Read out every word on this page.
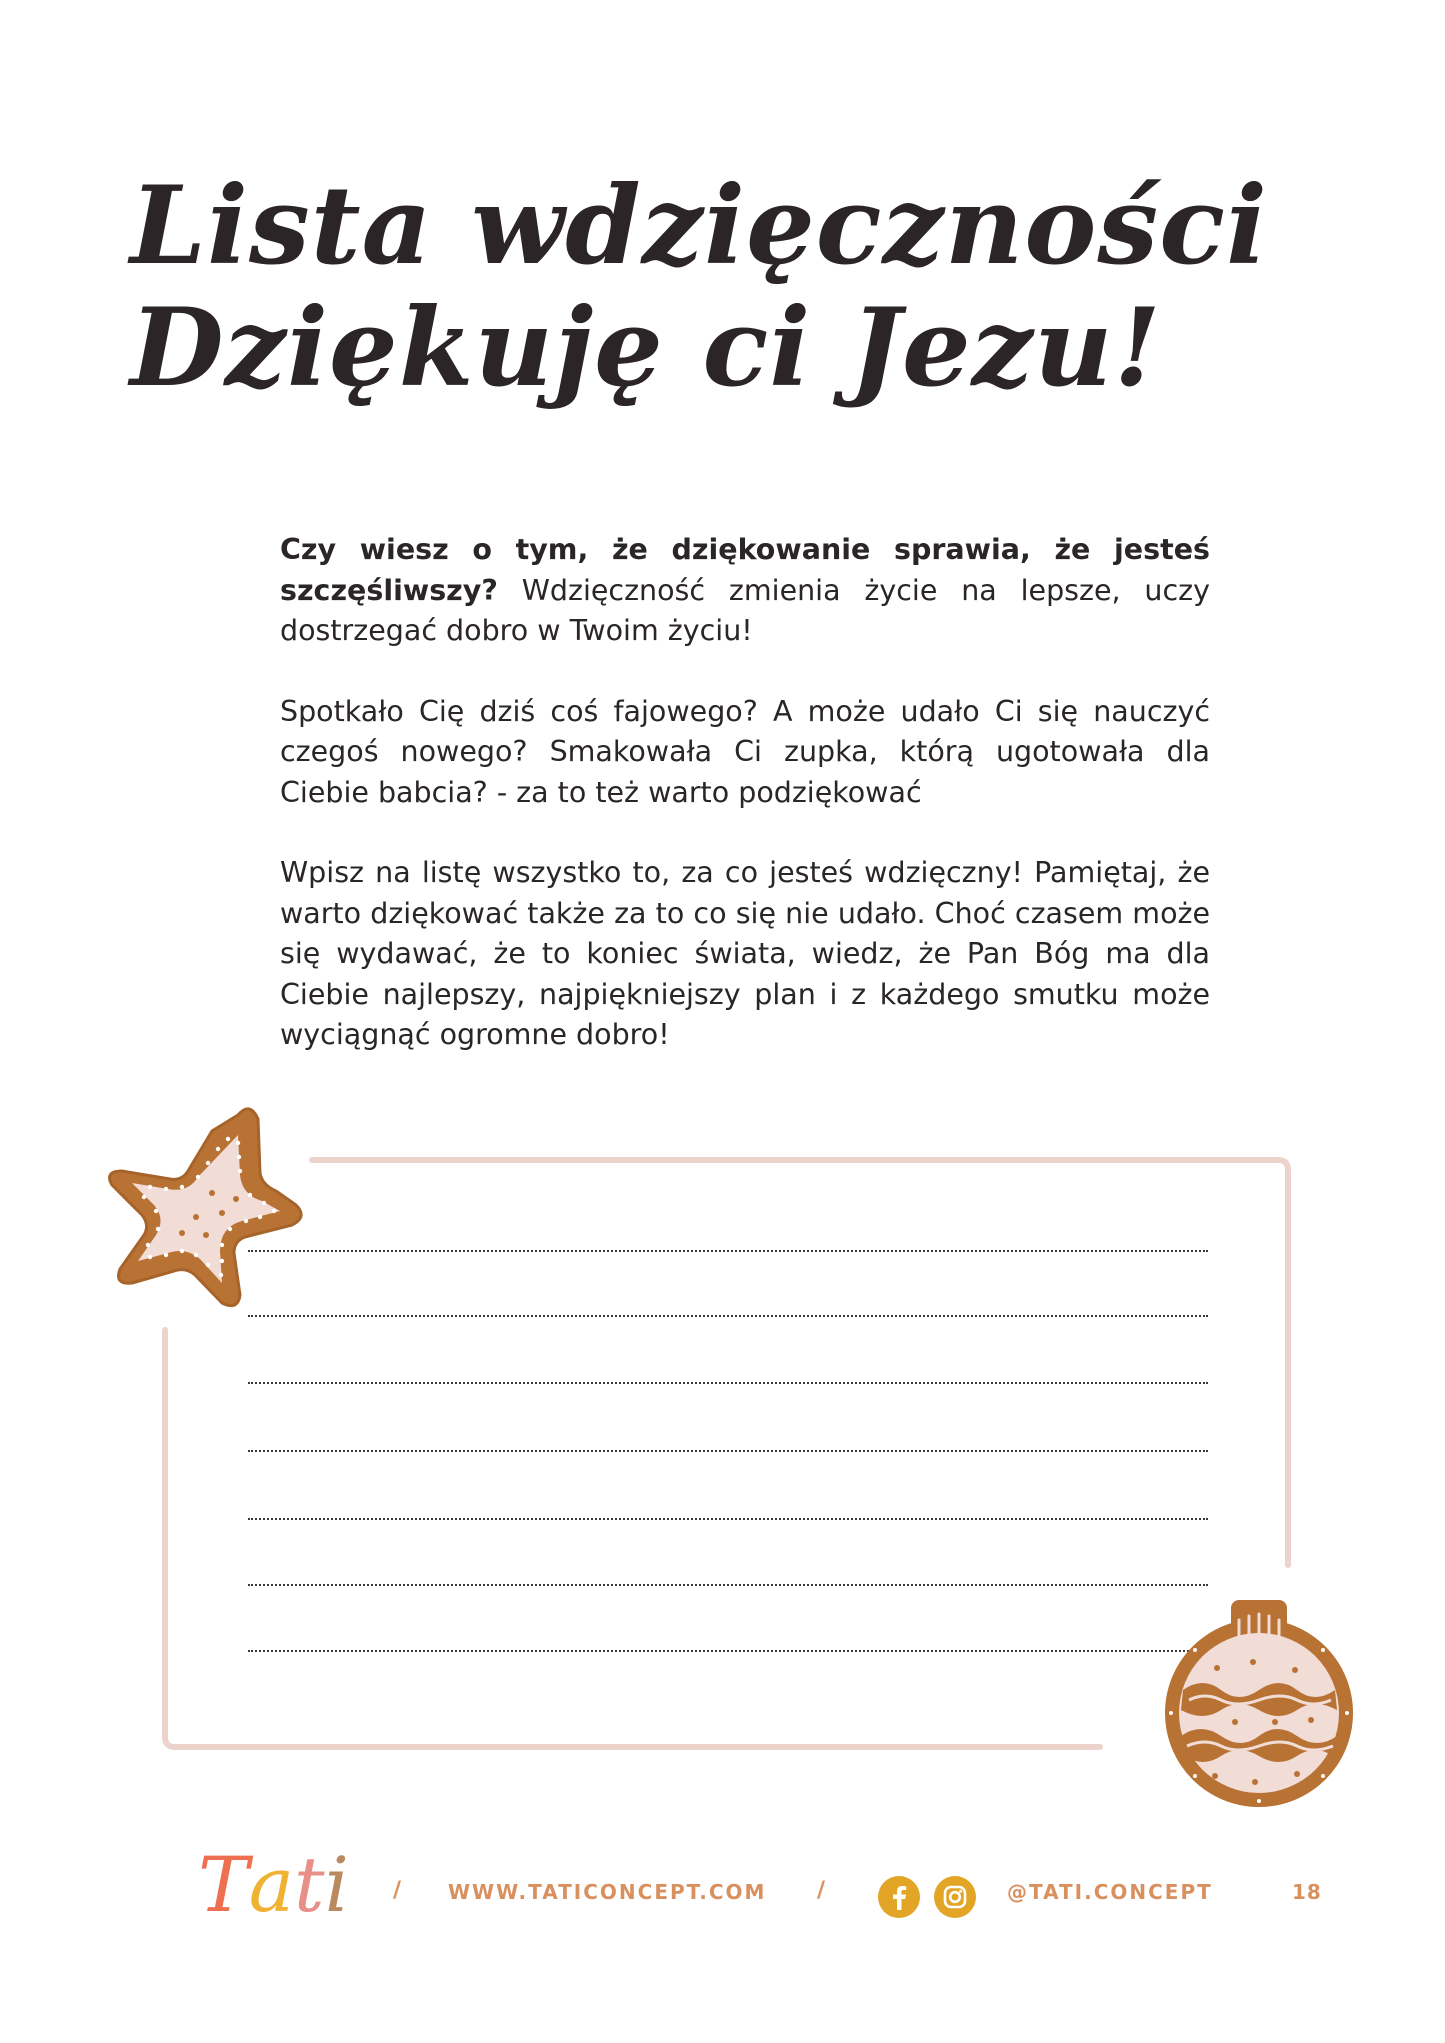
Lista wdzięczności
Dziękuję ci Jezu!

Czy wiesz o tym, że dziękowanie sprawia, że jesteś szczęśliwszy? Wdzięczność zmienia życie na lepsze, uczy dostrzegać dobro w Twoim życiu!

Spotkało Cię dziś coś fajowego? A może udało Ci się nauczyć czegoś nowego? Smakowała Ci zupka, którą ugotowała dla Ciebie babcia? - za to też warto podziękować

Wpisz na listę wszystko to, za co jesteś wdzięczny! Pamiętaj, że warto dziękować także za to co się nie udało. Choć czasem może się wydawać, że to koniec świata, wiedz, że Pan Bóg ma dla Ciebie najlepszy, najpiękniejszy plan i z każdego smutku może wyciągnąć ogromne dobro!

Tati / WWW.TATICONCEPT.COM /	@TATI.CONCEPT	18
